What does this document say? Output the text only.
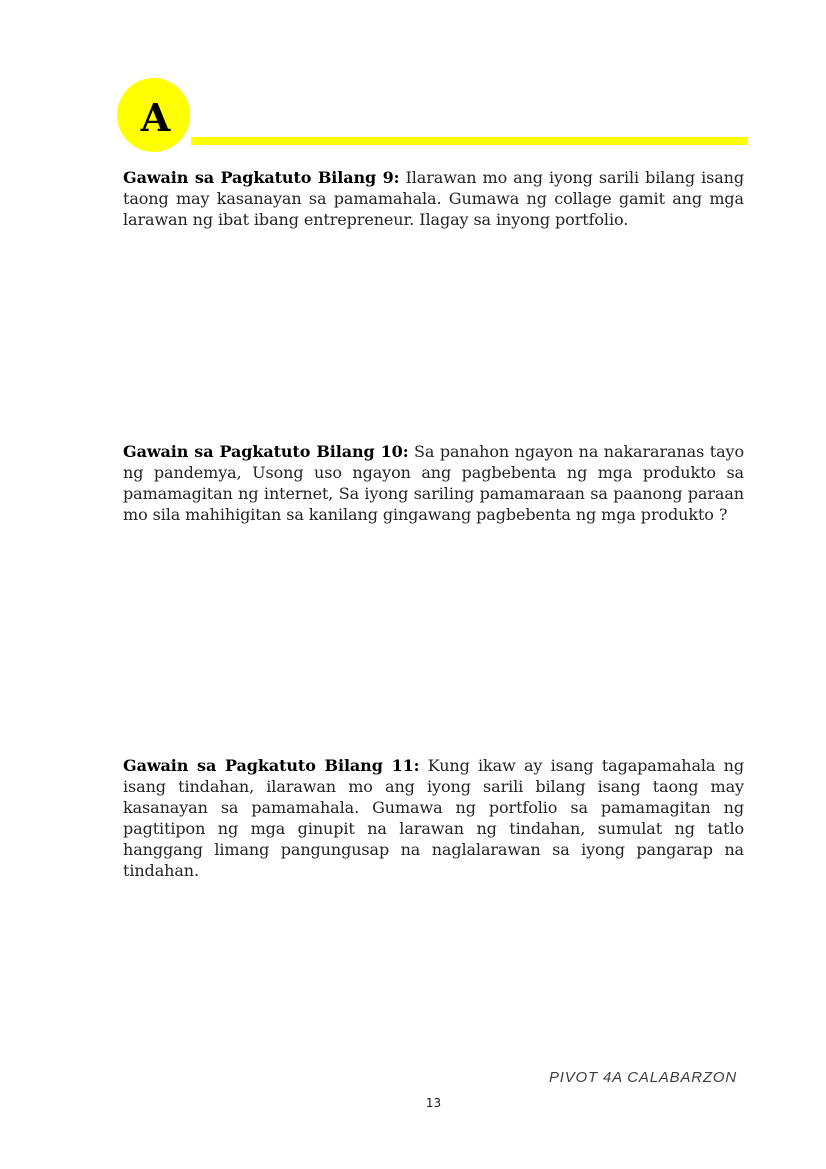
A

Gawain sa Pagkatuto Bilang 9: Ilarawan mo ang iyong sarili bilang isang taong may kasanayan sa pamamahala. Gumawa ng collage gamit ang mga larawan ng ibat ibang entrepreneur. Ilagay sa inyong portfolio.

Gawain sa Pagkatuto Bilang 10: Sa panahon ngayon na nakararanas tayo ng pandemya, Usong uso ngayon ang pagbebenta ng mga produkto sa pamamagitan ng internet, Sa iyong sariling pamamaraan sa paanong paraan mo sila mahihigitan sa kanilang gingawang pagbebenta ng mga produkto ?

Gawain sa Pagkatuto Bilang 11: Kung ikaw ay isang tagapamahala ng isang tindahan, ilarawan mo ang iyong sarili bilang isang taong may kasanayan sa pamamahala. Gumawa ng portfolio sa pamamagitan ng pagtitipon ng mga ginupit na larawan ng tindahan, sumulat ng tatlo hanggang limang pangungusap na naglalarawan sa iyong pangarap na tindahan.

PIVOT 4A CALABARZON
13
